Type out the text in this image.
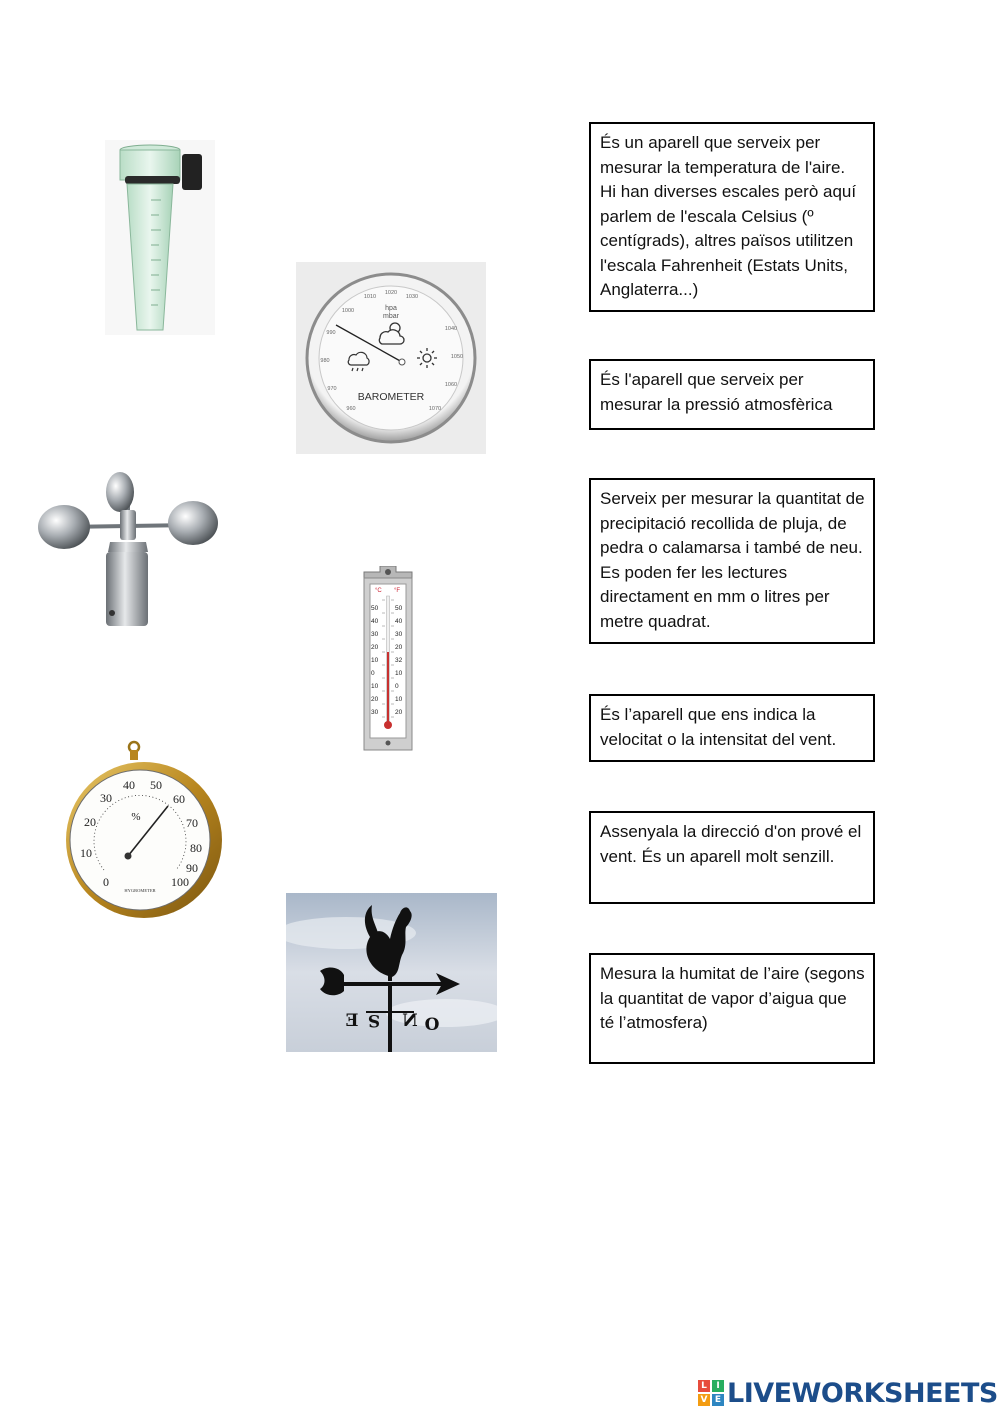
960
970
980
990
1000
1010
1020
1030
1040
1050
1060
1070
hpa
mbar
BAROMETER
°C °F
50
40
30
20
10
0
10
20
30
50
40
30
20
32
10
0
10
20
0
10
20
30
40 50
60
70
80
90
100
%
HYGROMETER
E S N O
És un aparell que serveix per mesurar la temperatura de l'aire. Hi han diverses escales però aquí parlem de l'escala Celsius (º centígrads), altres països utilitzen l'escala Fahrenheit (Estats Units, Anglaterra...)
És l'aparell que serveix per mesurar la pressió atmosfèrica
Serveix per mesurar la quantitat de precipitació recollida de pluja, de pedra o calamarsa i també de neu. Es poden fer les lectures directament en mm o litres per metre quadrat.
És l’aparell que ens indica la velocitat o la intensitat del vent.
Assenyala la direcció d'on prové el vent. És un aparell molt senzill.
Mesura la humitat de l’aire (segons la quantitat de vapor d’aigua que té l’atmosfera)
L	I
V E LIVEWORKSHEETS
